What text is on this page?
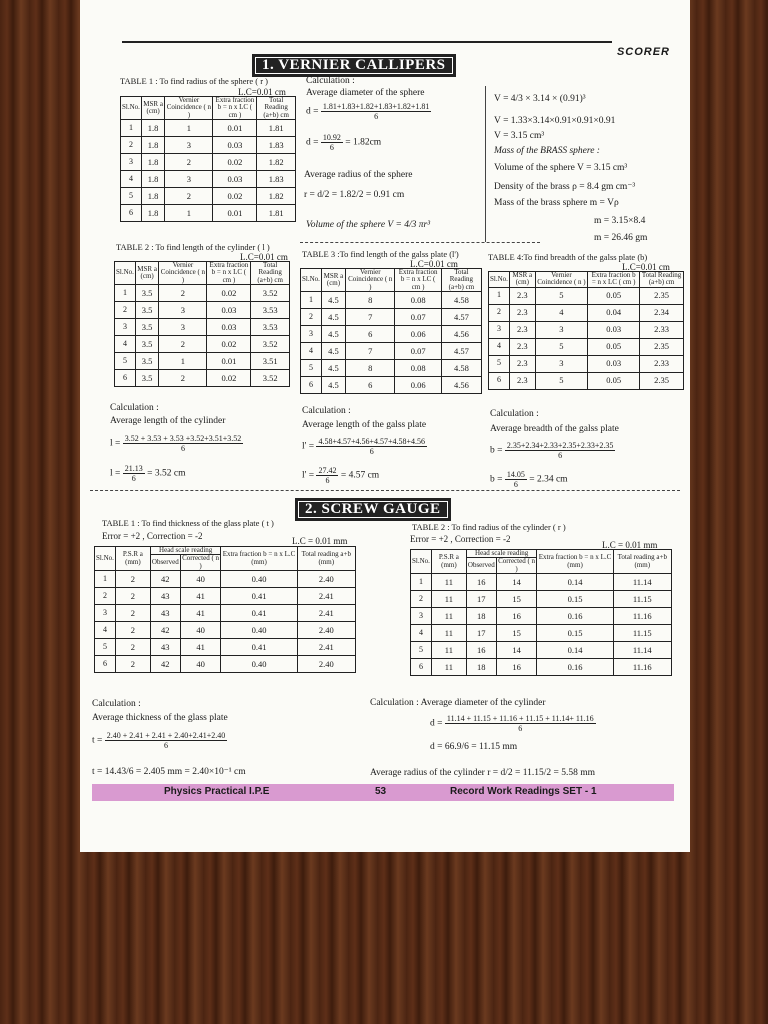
SCORER
1. VERNIER CALLIPERS
TABLE 1 : To find radius of the sphere ( r )
L.C=0.01 cm
Sl.No.	MSR a (cm)	Vernier Coincidence ( n )	Extra fraction b = n x LC ( cm )	Total Reading (a+b) cm
1	1.8	1	0.01	1.81
2	1.8	3	0.03	1.83
3	1.8	2	0.02	1.82
4	1.8	3	0.03	1.83
5	1.8	2	0.02	1.82
6	1.8	1	0.01	1.81
Calculation :
Average diameter of the sphere
$d = \frac{1.81+1.83+1.82+1.83+1.82+1.81}{6}$
$d = \frac{10.92}{6} = 1.82cm$
Average radius of the sphere
r = d/2 = 1.82/2 = 0.91 cm
Volume of the sphere V = 4/3 πr³
V = 4/3 × 3.14 × (0.91)³
V = 1.33×3.14×0.91×0.91×0.91
V = 3.15 cm³
Mass of the BRASS sphere :
Volume of the sphere V = 3.15 cm³
Density of the brass ρ = 8.4 gm cm⁻³
Mass of the brass sphere m = Vρ
m = 3.15×8.4
m = 26.46 gm
TABLE 2 : To find length of the cylinder ( l )
L.C=0.01 cm
Sl.No.	MSR a (cm)	Vernier Coincidence ( n )	Extra fraction b = n x LC ( cm )	Total Reading (a+b) cm
1	3.5	2	0.02	3.52
2	3.5	3	0.03	3.53
3	3.5	3	0.03	3.53
4	3.5	2	0.02	3.52
5	3.5	1	0.01	3.51
6	3.5	2	0.02	3.52
TABLE 3 :To find length of the galss plate (l')
L.C=0.01 cm
Sl.No.	MSR a (cm)	Vernier Coincidence ( n )	Extra fraction b = n x LC ( cm )	Total Reading (a+b) cm
1	4.5	8	0.08	4.58
2	4.5	7	0.07	4.57
3	4.5	6	0.06	4.56
4	4.5	7	0.07	4.57
5	4.5	8	0.08	4.58
6	4.5	6	0.06	4.56
TABLE 4:To find breadth of the galss plate (b)
L.C=0.01 cm
Sl.No.	MSR a (cm)	Vernier Coincidence ( n )	Extra fraction b = n x LC ( cm )	Total Reading (a+b) cm
1	2.3	5	0.05	2.35
2	2.3	4	0.04	2.34
3	2.3	3	0.03	2.33
4	2.3	5	0.05	2.35
5	2.3	3	0.03	2.33
6	2.3	5	0.05	2.35
Calculation :
Average length of the cylinder
$l = \frac{3.52 + 3.53 + 3.53 +3.52+3.51+3.52}{6}$
$l = \frac{21.13}{6} = 3.52$ cm
Calculation :
Average length of the galss plate
$l' = \frac{4.58+4.57+4.56+4.57+4.58+4.56}{6}$
$l' = \frac{27.42}{6} = 4.57$ cm
Calculation :
Average breadth of the galss plate
$b = \frac{2.35+2.34+2.33+2.35+2.33+2.35}{6}$
$b = \frac{14.05}{6} = 2.34$ cm
2. SCREW GAUGE
TABLE 1 : To find thickness of the glass plate ( t )
Error = +2 , Correction = -2	L.C = 0.01 mm
Sl.No.	P.S.R a (mm)	Head scale reading		Extra fraction b = n x L.C (mm)	Total reading a+b (mm)
		Observed	Corrected ( n )		
1	2	42	40	0.40	2.40
2	2	43	41	0.41	2.41
3	2	43	41	0.41	2.41
4	2	42	40	0.40	2.40
5	2	43	41	0.41	2.41
6	2	42	40	0.40	2.40
TABLE 2 : To find radius of the cylinder ( r )
Error = +2 , Correction = -2
L.C = 0.01 mm
Sl.No.	P.S.R a (mm)	Head scale reading		Extra fraction b = n x L.C (mm)	Total reading a+b (mm)
		Observed	Corrected ( n )		
1	11	16	14	0.14	11.14
2	11	17	15	0.15	11.15
3	11	18	16	0.16	11.16
4	11	17	15	0.15	11.15
5	11	16	14	0.14	11.14
6	11	18	16	0.16	11.16
Calculation :
Average thickness of the glass plate
$t = \frac{2.40 + 2.41 + 2.41 + 2.40+2.41+2.40}{6}$
t = 14.43/6 = 2.405 mm = 2.40×10⁻¹ cm
Calculation : Average diameter of the cylinder
$d = \frac{11.14 + 11.15 + 11.16 + 11.15 + 11.14+ 11.16}{6}$
d = 66.9/6 = 11.15 mm
Average radius of the cylinder r = d/2 = 11.15/2 = 5.58 mm
Physics Practical I.P.E	53	Record Work Readings SET - 1
